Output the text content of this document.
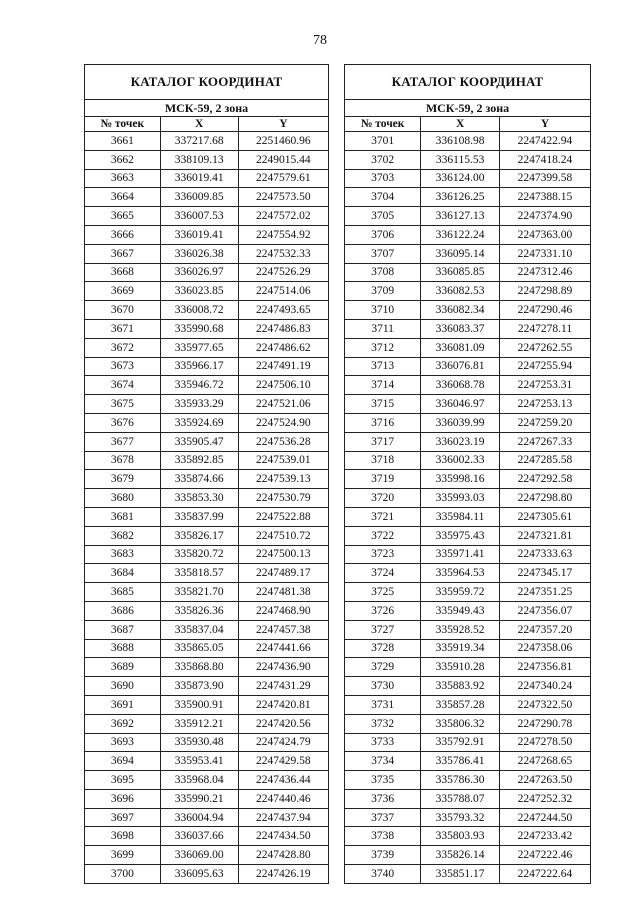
78
КАТАЛОГ КООРДИНАТ		
МСК-59, 2 зона		
№ точек	X	Y
3661	337217.68	2251460.96
3662	338109.13	2249015.44
3663	336019.41	2247579.61
3664	336009.85	2247573.50
3665	336007.53	2247572.02
3666	336019.41	2247554.92
3667	336026.38	2247532.33
3668	336026.97	2247526.29
3669	336023.85	2247514.06
3670	336008.72	2247493.65
3671	335990.68	2247486.83
3672	335977.65	2247486.62
3673	335966.17	2247491.19
3674	335946.72	2247506.10
3675	335933.29	2247521.06
3676	335924.69	2247524.90
3677	335905.47	2247536.28
3678	335892.85	2247539.01
3679	335874.66	2247539.13
3680	335853.30	2247530.79
3681	335837.99	2247522.88
3682	335826.17	2247510.72
3683	335820.72	2247500.13
3684	335818.57	2247489.17
3685	335821.70	2247481.38
3686	335826.36	2247468.90
3687	335837.04	2247457.38
3688	335865.05	2247441.66
3689	335868.80	2247436.90
3690	335873.90	2247431.29
3691	335900.91	2247420.81
3692	335912.21	2247420.56
3693	335930.48	2247424.79
3694	335953.41	2247429.58
3695	335968.04	2247436.44
3696	335990.21	2247440.46
3697	336004.94	2247437.94
3698	336037.66	2247434.50
3699	336069.00	2247428.80
3700	336095.63	2247426.19
КАТАЛОГ КООРДИНАТ		
МСК-59, 2 зона		
№ точек	X	Y
3701	336108.98	2247422.94
3702	336115.53	2247418.24
3703	336124.00	2247399.58
3704	336126.25	2247388.15
3705	336127.13	2247374.90
3706	336122.24	2247363.00
3707	336095.14	2247331.10
3708	336085.85	2247312.46
3709	336082.53	2247298.89
3710	336082.34	2247290.46
3711	336083.37	2247278.11
3712	336081.09	2247262.55
3713	336076.81	2247255.94
3714	336068.78	2247253.31
3715	336046.97	2247253.13
3716	336039.99	2247259.20
3717	336023.19	2247267.33
3718	336002.33	2247285.58
3719	335998.16	2247292.58
3720	335993.03	2247298.80
3721	335984.11	2247305.61
3722	335975.43	2247321.81
3723	335971.41	2247333.63
3724	335964.53	2247345.17
3725	335959.72	2247351.25
3726	335949.43	2247356.07
3727	335928.52	2247357.20
3728	335919.34	2247358.06
3729	335910.28	2247356.81
3730	335883.92	2247340.24
3731	335857.28	2247322.50
3732	335806.32	2247290.78
3733	335792.91	2247278.50
3734	335786.41	2247268.65
3735	335786.30	2247263.50
3736	335788.07	2247252.32
3737	335793.32	2247244.50
3738	335803.93	2247233.42
3739	335826.14	2247222.46
3740	335851.17	2247222.64
